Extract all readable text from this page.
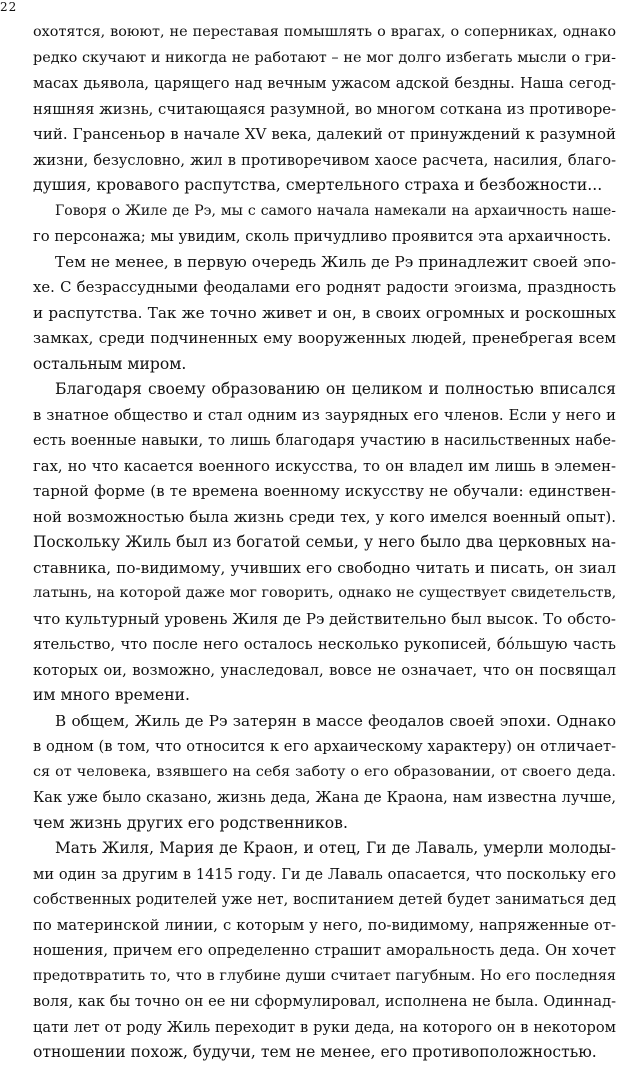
22
охотятся, воюют, не переставая помышлять о врагах, о соперниках, однако
редко скучают и никогда не работают – не мог долго избегать мысли о гри-
масах дьявола, царящего над вечным ужасом адской бездны. Наша сегод-
няшняя жизнь, считающаяся разумной, во многом соткана из противоре-
чий. Грансеньор в начале XV века, далекий от принуждений к разумной
жизни, безусловно, жил в противоречивом хаосе расчета, насилия, благо-
душия, кровавого распутства, смертельного страха и безбожности...
Говоря о Жиле де Рэ, мы с самого начала намекали на архаичность наше-
го персонажа; мы увидим, сколь причудливо проявится эта архаичность.
Тем не менее, в первую очередь Жиль де Рэ принадлежит своей эпо-
хе. С безрассудными феодалами его роднят радости эгоизма, праздность
и распутства. Так же точно живет и он, в своих огромных и роскошных
замках, среди подчиненных ему вооруженных людей, пренебрегая всем
остальным миром.
Благодаря своему образованию он целиком и полностью вписался
в знатное общество и стал одним из заурядных его членов. Если у него и
есть военные навыки, то лишь благодаря участию в насильственных набе-
гах, но что касается военного искусства, то он владел им лишь в элемен-
тарной форме (в те времена военному искусству не обучали: единствен-
ной возможностью была жизнь среди тех, у кого имелся военный опыт).
Поскольку Жиль был из богатой семьи, у него было два церковных на-
ставника, по-видимому, учивших его свободно читать и писать, он зиал
латынь, на которой даже мог говорить, однако не существует свидетельств,
что культурный уровень Жиля де Рэ действительно был высок. То обсто-
ятельство, что после него осталось несколько рукописей, бóльшую часть
которых ои, возможно, унаследовал, вовсе не означает, что он посвящал
им много времени.
В общем, Жиль де Рэ затерян в массе феодалов своей эпохи. Однако
в одном (в том, что относится к его архаическому характеру) он отличает-
ся от человека, взявшего на себя заботу о его образовании, от своего деда.
Как уже было сказано, жизнь деда, Жана де Краона, нам известна лучше,
чем жизнь других его родственников.
Мать Жиля, Мария де Краон, и отец, Ги де Лаваль, умерли молоды-
ми один за другим в 1415 году. Ги де Лаваль опасается, что поскольку его
собственных родителей уже нет, воспитанием детей будет заниматься дед
по материнской линии, с которым у него, по-видимому, напряженные от-
ношения, причем его определенно страшит аморальность деда. Он хочет
предотвратить то, что в глубине души считает пагубным. Но его последняя
воля, как бы точно он ее ни сформулировал, исполнена не была. Одиннад-
цати лет от роду Жиль переходит в руки деда, на которого он в некотором
отношении похож, будучи, тем не менее, его противоположностью.
